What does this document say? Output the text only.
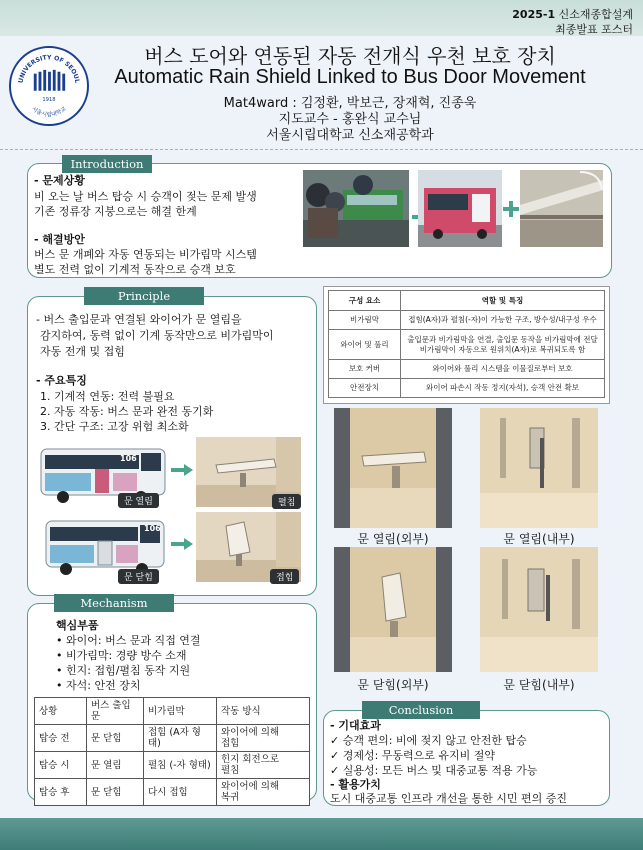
2025-1 신소재종합설계
최종발표 포스터
UNIVERSITY OF SEOUL
서울시립대학교
1918
버스 도어와 연동된 자동 전개식 우천 보호 장치
Automatic Rain Shield Linked to Bus Door Movement
Mat4ward : 김정환, 박보근, 장재혁, 진종욱
지도교수 - 홍완식 교수님
서울시립대학교 신소재공학과
Introduction
- 문제상황
비 오는 날 버스 탑승 시 승객이 젖는 문제 발생
기존 정류장 지붕으로는 해결 한계
- 해결방안
버스 문 개폐와 자동 연동되는 비가림막 시스템
별도 전력 없이 기계적 동작으로 승객 보호
Principle
- 버스 출입문과 연결된 와이어가 문 열림을
감지하여, 동력 없이 기계 동작만으로 비가림막이
자동 전개 및 접힘
- 주요특징
1. 기계적 연동: 전력 불필요
2. 자동 작동: 버스 문과 완전 동기화
3. 간단 구조: 고장 위험 최소화
106
문 열림	펼침
106
문 닫힘	접힘
구성 요소	역할 및 특징
비가림막	접힘(A자)과 펼침(-자)이 가능한 구조, 방수성/내구성 우수
와이어 및 풀리	출입문과 비가림막을 연결, 출입문 동작을 비가림막에 전달
비가림막이 자동으로 원위치(A자)로 복귀되도록 함
보호 커버	와이어와 풀리 시스템을 이물질로부터 보호
안전장치	와이어 파손시 작동 정지(자석), 승객 안전 확보
문 열림(외부)	문 열림(내부)
문 닫힘(외부)	문 닫힘(내부)
Mechanism
핵심부품
• 와이어: 버스 문과 직접 연결
• 비가림막: 경량 방수 소재
• 힌지: 접힘/펼침 동작 지원
• 자석: 안전 장치
상황	버스 출입문	비가림막	작동 방식
탑승 전	문 닫힘	접힘 (A자 형태)	와이어에 의해
접힘
탑승 시	문 열림	펼침 (-자 형태)	힌지 회전으로
펼침
탑승 후	문 닫힘	다시 접힘	와이어에 의해
복귀
Conclusion
- 기대효과
✓ 승객 편의: 비에 젖지 않고 안전한 탑승
✓ 경제성: 무동력으로 유지비 절약
✓ 실용성: 모든 버스 및 대중교통 적용 가능
- 활용가치
도시 대중교통 인프라 개선을 통한 시민 편의 증진
